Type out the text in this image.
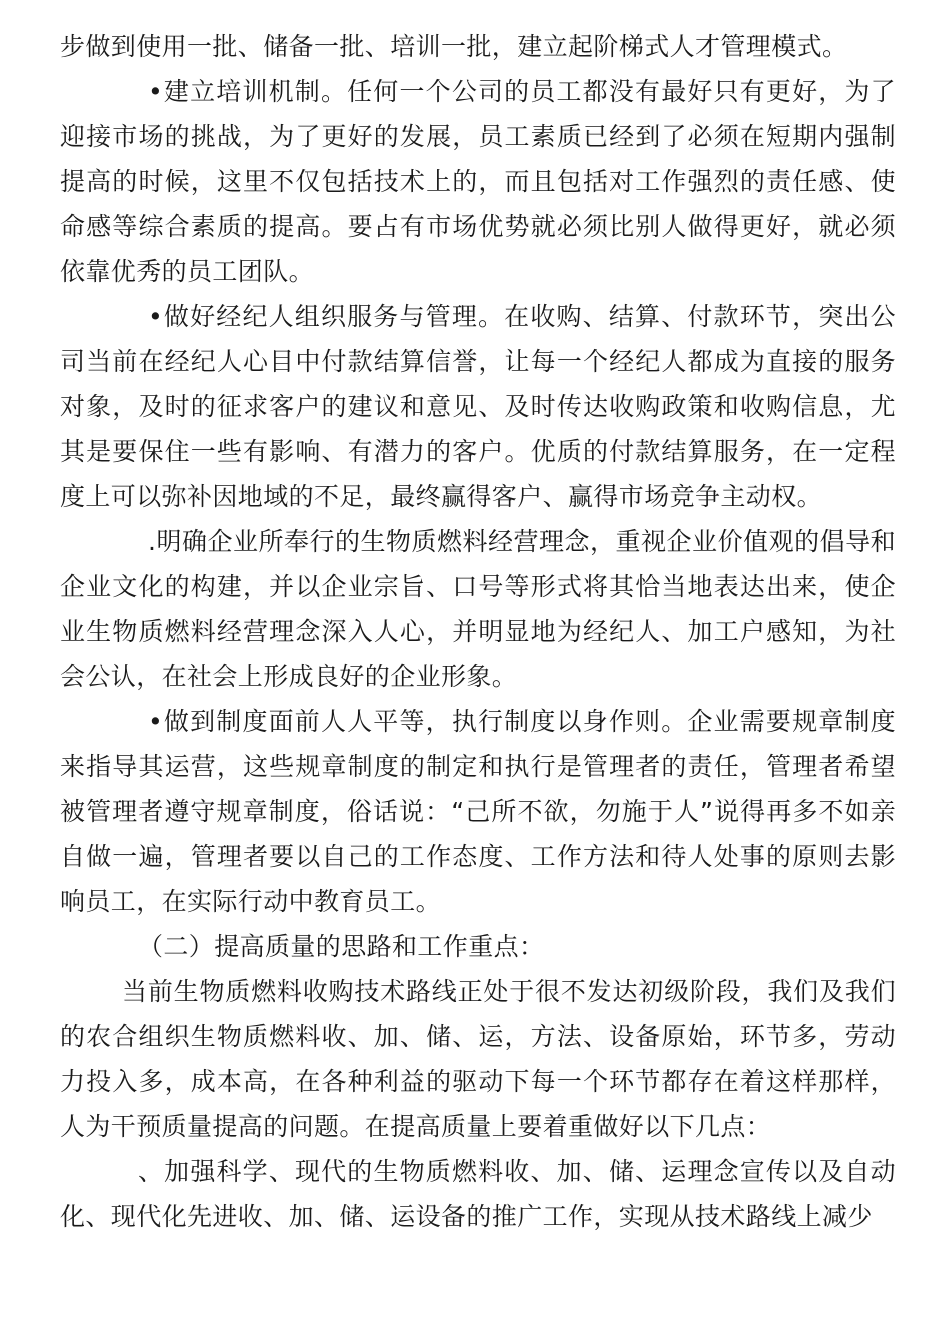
步做到使用一批、储备一批、培训一批，建立起阶梯式人才管理模式。

•建立培训机制。任何一个公司的员工都没有最好只有更好，为了迎接市场的挑战，为了更好的发展，员工素质已经到了必须在短期内强制提高的时候，这里不仅包括技术上的，而且包括对工作强烈的责任感、使命感等综合素质的提高。要占有市场优势就必须比别人做得更好，就必须依靠优秀的员工团队。

•做好经纪人组织服务与管理。在收购、结算、付款环节，突出公司当前在经纪人心目中付款结算信誉，让每一个经纪人都成为直接的服务对象，及时的征求客户的建议和意见、及时传达收购政策和收购信息，尤其是要保住一些有影响、有潜力的客户。优质的付款结算服务，在一定程度上可以弥补因地域的不足，最终赢得客户、赢得市场竞争主动权。

.明确企业所奉行的生物质燃料经营理念，重视企业价值观的倡导和企业文化的构建，并以企业宗旨、口号等形式将其恰当地表达出来，使企业生物质燃料经营理念深入人心，并明显地为经纪人、加工户感知，为社会公认，在社会上形成良好的企业形象。

•做到制度面前人人平等，执行制度以身作则。企业需要规章制度来指导其运营，这些规章制度的制定和执行是管理者的责任，管理者希望被管理者遵守规章制度，俗话说：“己所不欲，勿施于人”说得再多不如亲自做一遍，管理者要以自己的工作态度、工作方法和待人处事的原则去影响员工，在实际行动中教育员工。

（二）提高质量的思路和工作重点：

当前生物质燃料收购技术路线正处于很不发达初级阶段，我们及我们的农合组织生物质燃料收、加、储、运，方法、设备原始，环节多，劳动力投入多，成本高，在各种利益的驱动下每一个环节都存在着这样那样，人为干预质量提高的问题。在提高质量上要着重做好以下几点：

、加强科学、现代的生物质燃料收、加、储、运理念宣传以及自动化、现代化先进收、加、储、运设备的推广工作，实现从技术路线上减少
